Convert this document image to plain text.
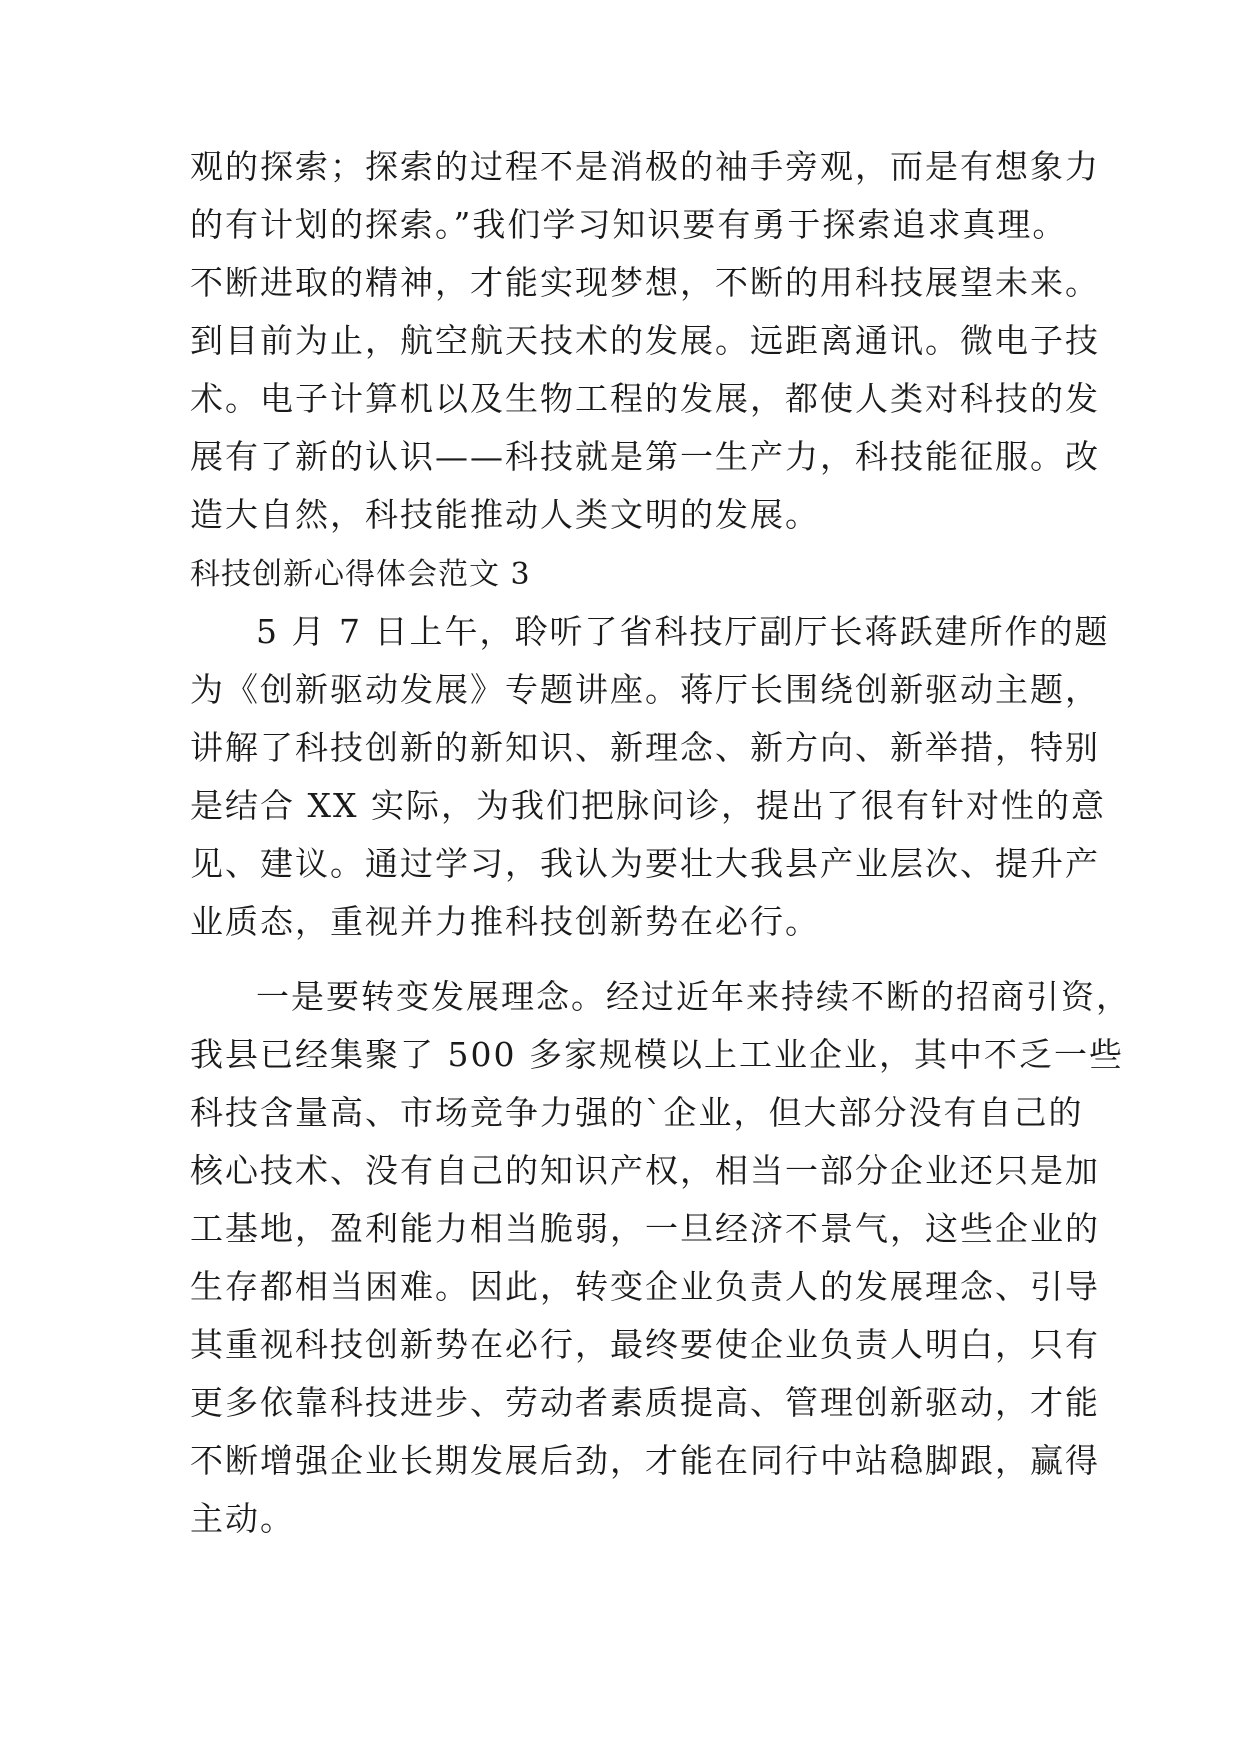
观的探索；探索的过程不是消极的袖手旁观，而是有想象力
的有计划的探索。”我们学习知识要有勇于探索追求真理。
不断进取的精神，才能实现梦想，不断的用科技展望未来。
到目前为止，航空航天技术的发展。远距离通讯。微电子技
术。电子计算机以及生物工程的发展，都使人类对科技的发
展有了新的认识——科技就是第一生产力，科技能征服。改
造大自然，科技能推动人类文明的发展。
科技创新心得体会范文 3
5 月 7 日上午，聆听了省科技厅副厅长蒋跃建所作的题
为《创新驱动发展》专题讲座。蒋厅长围绕创新驱动主题，
讲解了科技创新的新知识、新理念、新方向、新举措，特别
是结合 XX 实际，为我们把脉问诊，提出了很有针对性的意
见、建议。通过学习，我认为要壮大我县产业层次、提升产
业质态，重视并力推科技创新势在必行。
一是要转变发展理念。经过近年来持续不断的招商引资，
我县已经集聚了 500 多家规模以上工业企业，其中不乏一些
科技含量高、市场竞争力强的`企业，但大部分没有自己的
核心技术、没有自己的知识产权，相当一部分企业还只是加
工基地，盈利能力相当脆弱，一旦经济不景气，这些企业的
生存都相当困难。因此，转变企业负责人的发展理念、引导
其重视科技创新势在必行，最终要使企业负责人明白，只有
更多依靠科技进步、劳动者素质提高、管理创新驱动，才能
不断增强企业长期发展后劲，才能在同行中站稳脚跟，赢得
主动。
